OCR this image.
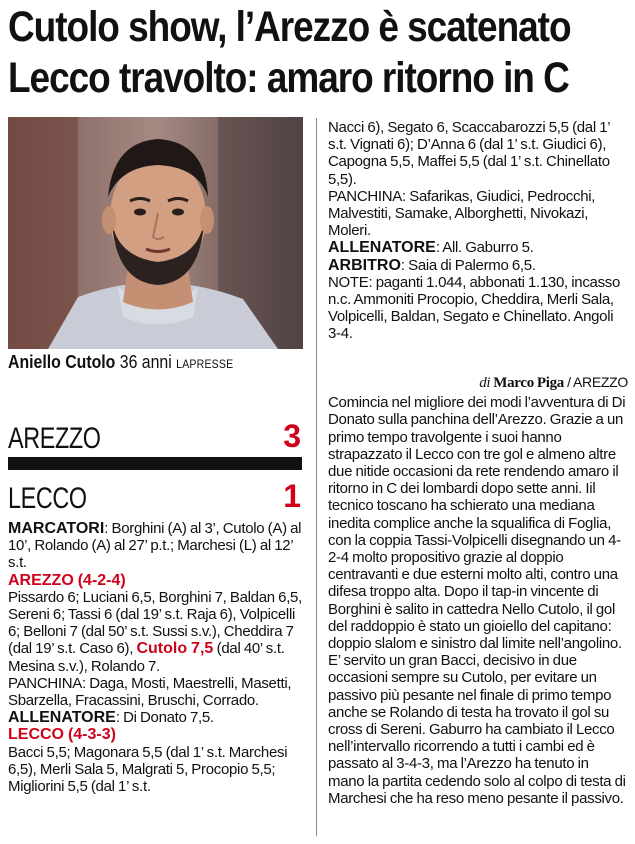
Cutolo show, l’Arezzo è scatenato
Lecco travolto: amaro ritorno in C
Aniello Cutolo 36 anni LAPRESSE
AREZZO	3
LECCO	1
MARCATORI: Borghini (A) al 3’, Cutolo (A) al 10’, Rolando (A) al 27’ p.t.; Marchesi (L) al 12’ s.t.
AREZZO (4-2-4)
Pissardo 6; Luciani 6,5, Borghini 7, Baldan 6,5, Sereni 6; Tassi 6 (dal 19’ s.t. Raja 6), Volpicelli 6; Belloni 7 (dal 50’ s.t. Sussi s.v.), Cheddira 7 (dal 19’ s.t. Caso 6), Cutolo 7,5 (dal 40’ s.t. Mesina s.v.), Rolando 7.
PANCHINA: Daga, Mosti, Maestrelli, Masetti, Sbarzella, Fracassini, Bruschi, Corrado.
ALLENATORE: Di Donato 7,5.
LECCO (4-3-3)
Bacci 5,5; Magonara 5,5 (dal 1’ s.t. Marchesi 6,5), Merli Sala 5, Malgrati 5, Procopio 5,5; Migliorini 5,5 (dal 1’ s.t.
Nacci 6), Segato 6, Scaccabarozzi 5,5 (dal 1’ s.t. Vignati 6); D’Anna 6 (dal 1’ s.t. Giudici 6), Capogna 5,5, Maffei 5,5 (dal 1’ s.t. Chinellato 5,5).
PANCHINA: Safarikas, Giudici, Pedrocchi, Malvestiti, Samake, Alborghetti, Nivokazi, Moleri.
ALLENATORE: All. Gaburro 5.
ARBITRO: Saia di Palermo 6,5.
NOTE: paganti 1.044, abbonati 1.130, incasso n.c. Ammoniti Procopio, Cheddira, Merli Sala, Volpicelli, Baldan, Segato e Chinellato. Angoli 3-4.
di Marco Piga / AREZZO
Comincia nel migliore dei modi l’avventura di Di Donato sulla panchina dell’Arezzo. Grazie a un primo tempo travolgente i suoi hanno strapazzato il Lecco con tre gol e almeno altre due nitide occasioni da rete rendendo amaro il ritorno in C dei lombardi dopo sette anni. Iil tecnico toscano ha schierato una mediana inedita complice anche la squalifica di Foglia, con la coppia Tassi-Volpicelli disegnando un 4-2-4 molto propositivo grazie al doppio centravanti e due esterni molto alti, contro una difesa troppo alta. Dopo il tap-in vincente di Borghini è salito in cattedra Nello Cutolo, il gol del raddoppio è stato un gioiello del capitano: doppio slalom e sinistro dal limite nell’angolino. E’ servito un gran Bacci, decisivo in due occasioni sempre su Cutolo, per evitare un passivo più pesante nel finale di primo tempo anche se Rolando di testa ha trovato il gol su cross di Sereni. Gaburro ha cambiato il Lecco nell’intervallo ricorrendo a tutti i cambi ed è passato al 3-4-3, ma l’Arezzo ha tenuto in mano la partita cedendo solo al colpo di testa di Marchesi che ha reso meno pesante il passivo.
